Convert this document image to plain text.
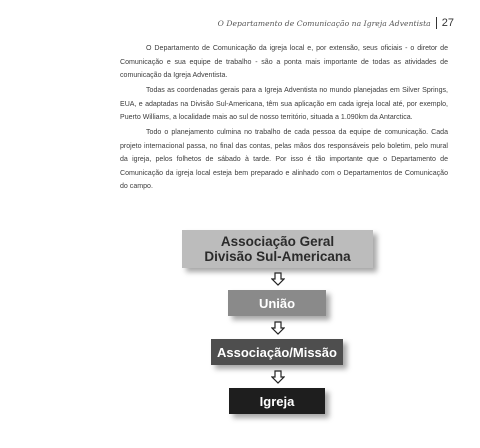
O Departamento de Comunicação na Igreja Adventista 27

O Departamento de Comunicação da igreja local e, por extensão, seus oficiais - o diretor de Comunicação e sua equipe de trabalho - são a ponta mais importante de todas as atividades de comunicação da Igreja Adventista.

Todas as coordenadas gerais para a Igreja Adventista no mundo planejadas em Silver Springs, EUA, e adaptadas na Divisão Sul-Americana, têm sua aplicação em cada igreja local até, por exemplo, Puerto Williams, a localidade mais ao sul de nosso território, situada a 1.090km da Antarctica.

Todo o planejamento culmina no trabalho de cada pessoa da equipe de comunicação. Cada projeto internacional passa, no final das contas, pelas mãos dos responsáveis pelo boletim, pelo mural da igreja, pelos folhetos de sábado à tarde. Por isso é tão importante que o Departamento de Comunicação da igreja local esteja bem preparado e alinhado com o Departamentos de Comunicação do campo.

Associação Geral
Divisão Sul-Americana
União
Associação/Missão
Igreja
